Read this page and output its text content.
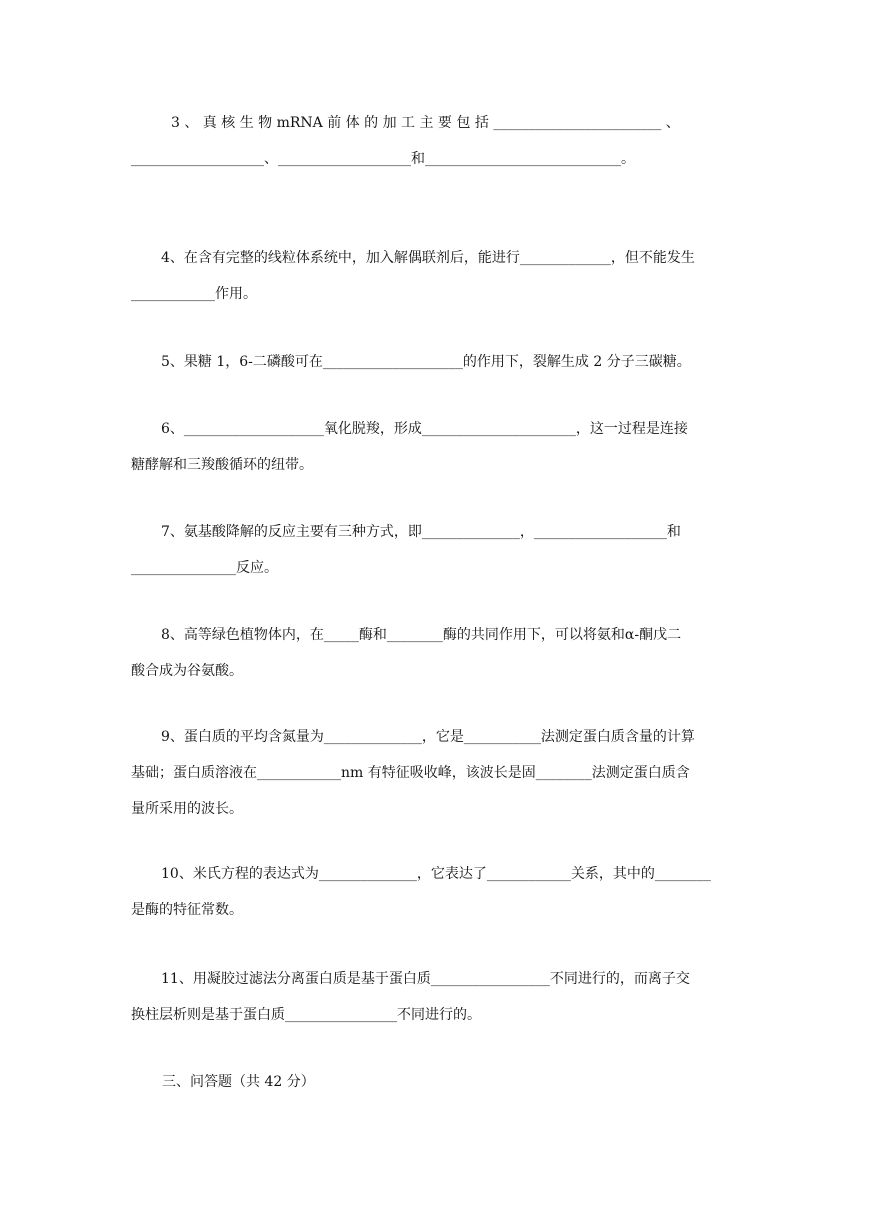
3 、 真 核 生 物 mRNA 前 体 的 加 工 主 要 包 括 ________________________ 、
___________________、___________________和____________________________。
4、在含有完整的线粒体系统中，加入解偶联剂后，能进行_____________，但不能发生
____________作用。
5、果糖 1，6-二磷酸可在____________________的作用下，裂解生成 2 分子三碳糖。
6、____________________氧化脱羧，形成______________________，这一过程是连接
糖酵解和三羧酸循环的纽带。
7、氨基酸降解的反应主要有三种方式，即______________，___________________和
_______________反应。
8、高等绿色植物体内，在_____酶和________酶的共同作用下，可以将氨和α-酮戊二
酸合成为谷氨酸。
9、蛋白质的平均含氮量为______________，它是___________法测定蛋白质含量的计算
基础；蛋白质溶液在____________nm 有特征吸收峰，该波长是固________法测定蛋白质含
量所采用的波长。
10、米氏方程的表达式为______________，它表达了____________关系，其中的________
是酶的特征常数。
11、用凝胶过滤法分离蛋白质是基于蛋白质_________________不同进行的，而离子交
换柱层析则是基于蛋白质________________不同进行的。
三、问答题（共 42 分）
